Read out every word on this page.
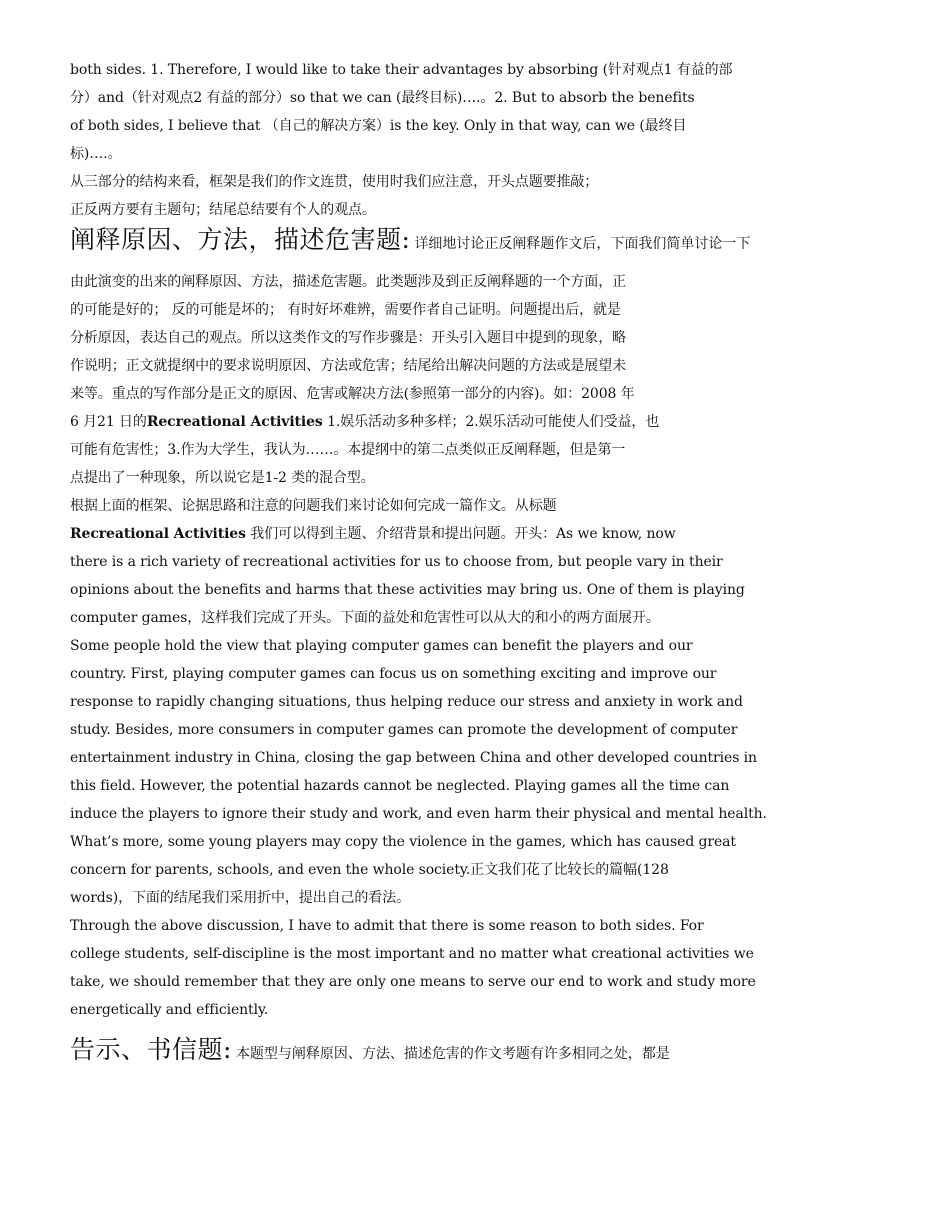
both sides. 1. Therefore, I would like to take their advantages by absorbing (针对观点1 有益的部
分）and（针对观点2 有益的部分）so that we can (最终目标)….。2. But to absorb the benefits
of both sides, I believe that （自己的解决方案）is the key. Only in that way, can we (最终目
标)….。
从三部分的结构来看，框架是我们的作文连贯，使用时我们应注意，开头点题要推敲；
正反两方要有主题句；结尾总结要有个人的观点。
阐释原因、方法，描述危害题: 详细地讨论正反阐释题作文后，下面我们简单讨论一下
由此演变的出来的阐释原因、方法，描述危害题。此类题涉及到正反阐释题的一个方面，正
的可能是好的； 反的可能是坏的； 有时好坏难辨，需要作者自己证明。问题提出后，就是
分析原因，表达自己的观点。所以这类作文的写作步骤是：开头引入题目中提到的现象，略
作说明；正文就提纲中的要求说明原因、方法或危害；结尾给出解决问题的方法或是展望未
来等。重点的写作部分是正文的原因、危害或解决方法(参照第一部分的内容)。如：2008 年
6 月21 日的Recreational Activities 1.娱乐活动多种多样；2.娱乐活动可能使人们受益，也
可能有危害性；3.作为大学生，我认为……。本提纲中的第二点类似正反阐释题，但是第一
点提出了一种现象，所以说它是1-2 类的混合型。
根据上面的框架、论据思路和注意的问题我们来讨论如何完成一篇作文。从标题
Recreational Activities 我们可以得到主题、介绍背景和提出问题。开头：As we know, now
there is a rich variety of recreational activities for us to choose from, but people vary in their
opinions about the benefits and harms that these activities may bring us. One of them is playing
computer games，这样我们完成了开头。下面的益处和危害性可以从大的和小的两方面展开。
Some people hold the view that playing computer games can benefit the players and our
country. First, playing computer games can focus us on something exciting and improve our
response to rapidly changing situations, thus helping reduce our stress and anxiety in work and
study. Besides, more consumers in computer games can promote the development of computer
entertainment industry in China, closing the gap between China and other developed countries in
this field. However, the potential hazards cannot be neglected. Playing games all the time can
induce the players to ignore their study and work, and even harm their physical and mental health.
What’s more, some young players may copy the violence in the games, which has caused great
concern for parents, schools, and even the whole society.正文我们花了比较长的篇幅(128
words)，下面的结尾我们采用折中，提出自己的看法。
Through the above discussion, I have to admit that there is some reason to both sides. For
college students, self-discipline is the most important and no matter what creational activities we
take, we should remember that they are only one means to serve our end to work and study more
energetically and efficiently.
告示、书信题: 本题型与阐释原因、方法、描述危害的作文考题有许多相同之处，都是
